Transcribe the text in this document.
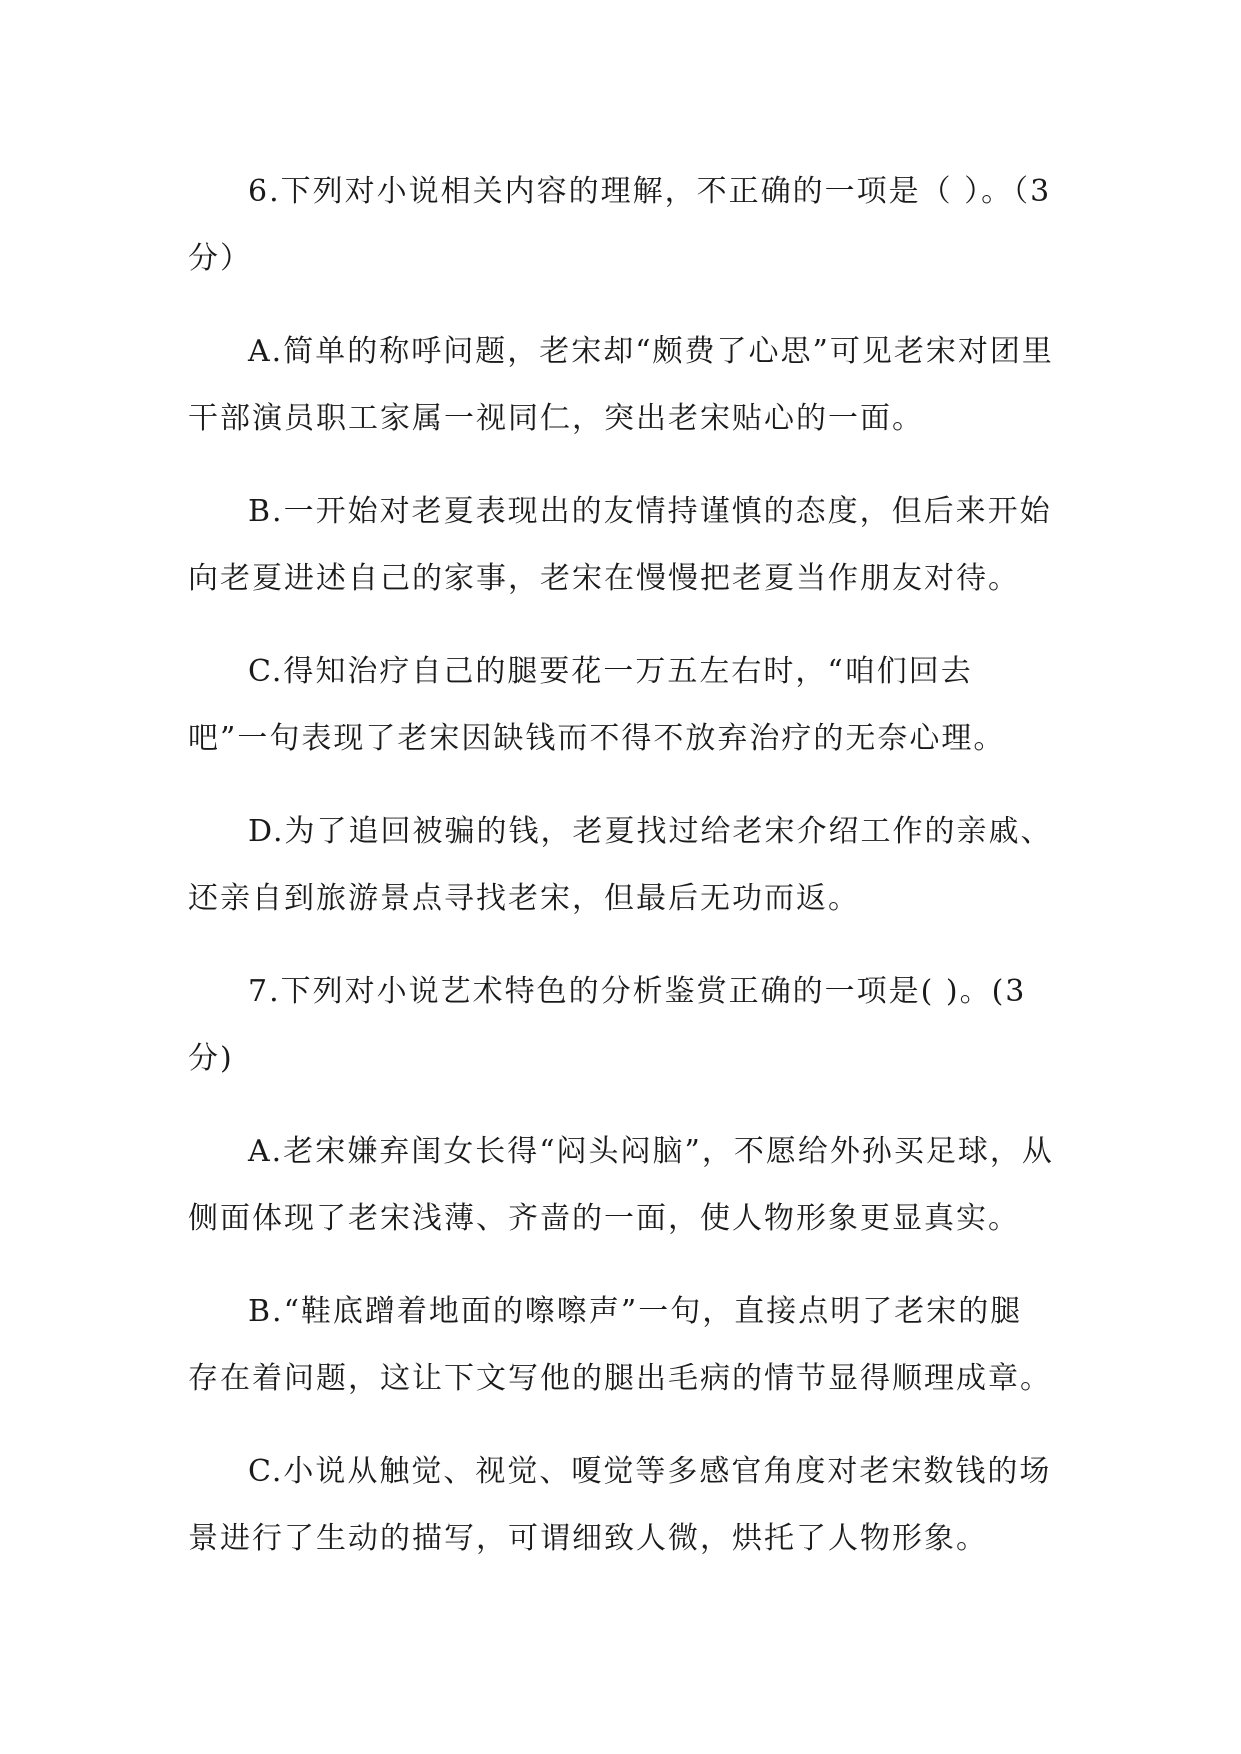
6.下列对小说相关内容的理解，不正确的一项是（ ）。（3分）

A.简单的称呼问题，老宋却“颇费了心思”可见老宋对团里干部演员职工家属一视同仁，突出老宋贴心的一面。

B.一开始对老夏表现出的友情持谨慎的态度，但后来开始向老夏进述自己的家事，老宋在慢慢把老夏当作朋友对待。

C.得知治疗自己的腿要花一万五左右时，“咱们回去吧”一句表现了老宋因缺钱而不得不放弃治疗的无奈心理。

D.为了追回被骗的钱，老夏找过给老宋介绍工作的亲戚、还亲自到旅游景点寻找老宋，但最后无功而返。

7.下列对小说艺术特色的分析鉴赏正确的一项是( )。(3分)

A.老宋嫌弃闺女长得“闷头闷脑”，不愿给外孙买足球，从侧面体现了老宋浅薄、齐啬的一面，使人物形象更显真实。

B.“鞋底蹭着地面的嚓嚓声”一句，直接点明了老宋的腿存在着问题，这让下文写他的腿出毛病的情节显得顺理成章。

C.小说从触觉、视觉、嗄觉等多感官角度对老宋数钱的场景进行了生动的描写，可谓细致人微，烘托了人物形象。
